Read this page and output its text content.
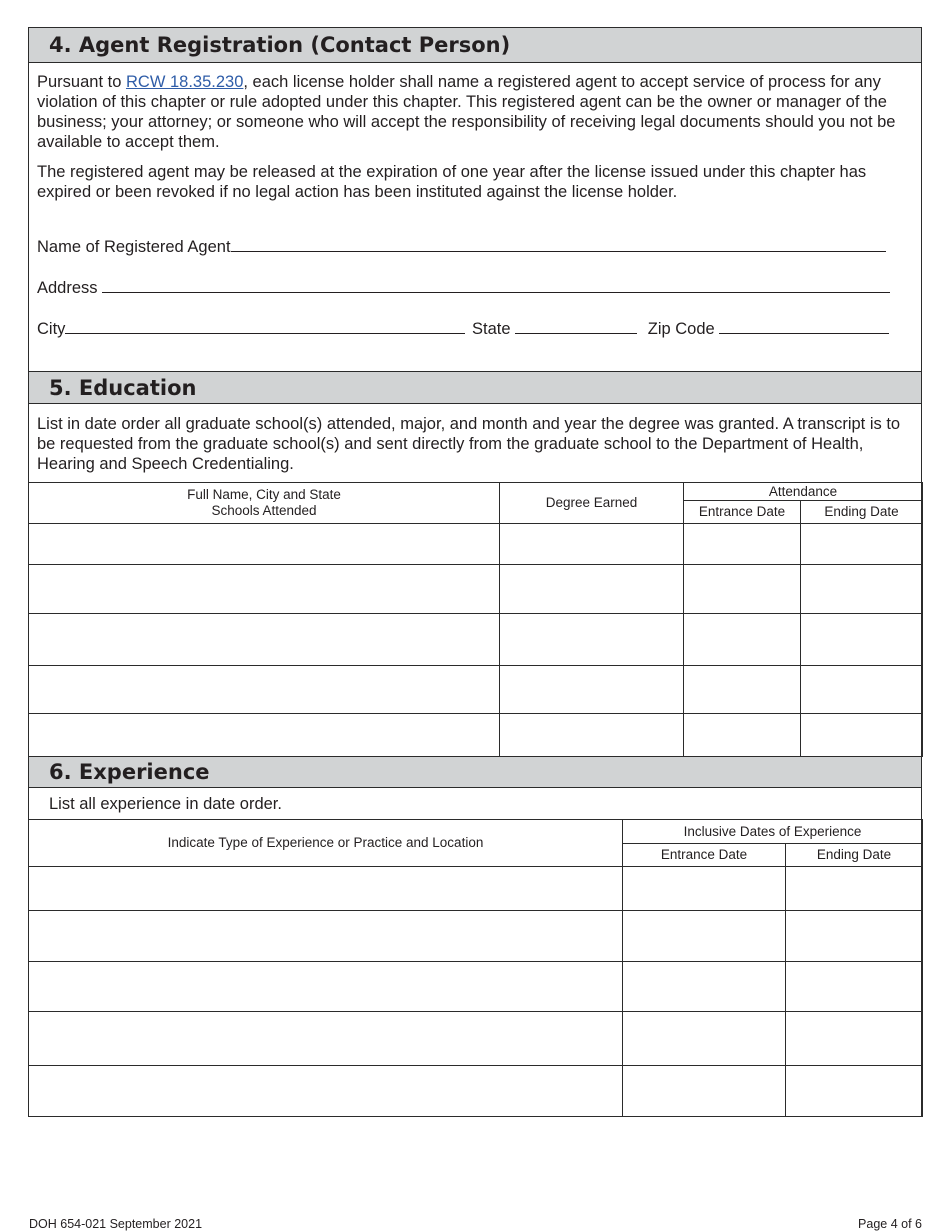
4. Agent Registration (Contact Person)

Pursuant to RCW 18.35.230, each license holder shall name a registered agent to accept service of process for any violation of this chapter or rule adopted under this chapter. This registered agent can be the owner or manager of the business; your attorney; or someone who will accept the responsibility of receiving legal documents should you not be available to accept them.

The registered agent may be released at the expiration of one year after the license issued under this chapter has expired or been revoked if no legal action has been instituted against the license holder.

Name of Registered Agent
Address
City	State	Zip Code
5. Education

List in date order all graduate school(s) attended, major, and month and year the degree was granted. A transcript is to be requested from the graduate school(s) and sent directly from the graduate school to the Department of Health, Hearing and Speech Credentialing.

Full Name, City and State
Schools Attended	Degree Earned	Attendance	
		Entrance Date	Ending Date

6. Experience

List all experience in date order.

Indicate Type of Experience or Practice and Location	Inclusive Dates of Experience	
	Entrance Date	Ending Date

DOH 654-021 September 2021	Page 4 of 6
